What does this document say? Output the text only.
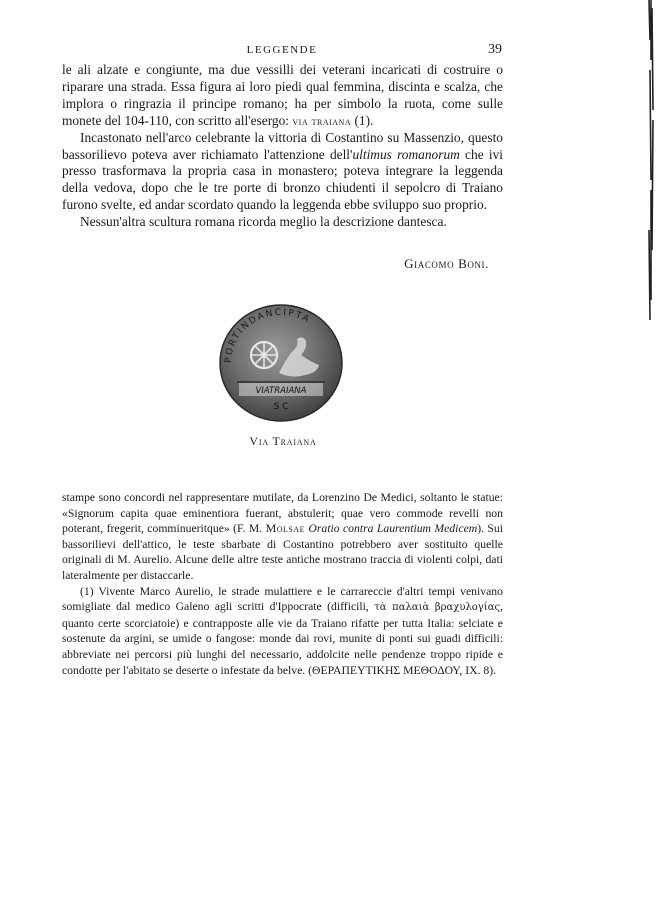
LEGGENDE	39

le ali alzate e congiunte, ma due vessilli dei veterani incaricati di costruire o riparare una strada. Essa figura ai loro piedi qual femmina, discinta e scalza, che implora o ringrazia il principe romano; ha per simbolo la ruota, come sulle monete del 104-110, con scritto all'esergo: via traiana (1).

Incastonato nell'arco celebrante la vittoria di Costantino su Massenzio, questo bassorilievo poteva aver richiamato l'attenzione dell'ultimus romanorum che ivi presso trasformava la propria casa in monastero; poteva integrare la leggenda della vedova, dopo che le tre porte di bronzo chiudenti il sepolcro di Traiano furono svelte, ed andar scordato quando la leggenda ebbe sviluppo suo proprio.

Nessun'altra scultura romana ricorda meglio la descrizione dantesca.

Giacomo Boni.
PORTINDANCIPTA
VIATRAIANA
S C
Via Traiana

stampe sono concordi nel rappresentare mutilate, da Lorenzino De Medici, soltanto le statue: «Signorum capita quae eminentiora fuerant, abstulerit; quae vero commode revelli non poterant, fregerit, comminueritque» (F. M. Molsae Oratio contra Laurentium Medicem). Sui bassorilievi dell'attico, le teste sbarbate di Costantino potrebbero aver sostituito quelle originali di M. Aurelio. Alcune delle altre teste antiche mostrano traccia di violenti colpi, dati lateralmente per distaccarle.

(1) Vivente Marco Aurelio, le strade mulattiere e le carrareccie d'altri tempi venivano somigliate dal medico Galeno agli scritti d'Ippocrate (difficili, τὰ παλαιὰ βραχυλογίας, quanto certe scorciatoie) e contrapposte alle vie da Traiano rifatte per tutta Italia: selciate e sostenute da argini, se umide o fangose: monde dai rovi, munite di ponti sui guadi difficili: abbreviate nei percorsi più lunghi del necessario, addolcite nelle pendenze troppo ripide e condotte per l'abitato se deserte o infestate da belve. (ΘΕΡΑΠΕΥΤΙΚΗΣ ΜΕΘΟΔΟΥ, IX. 8).
